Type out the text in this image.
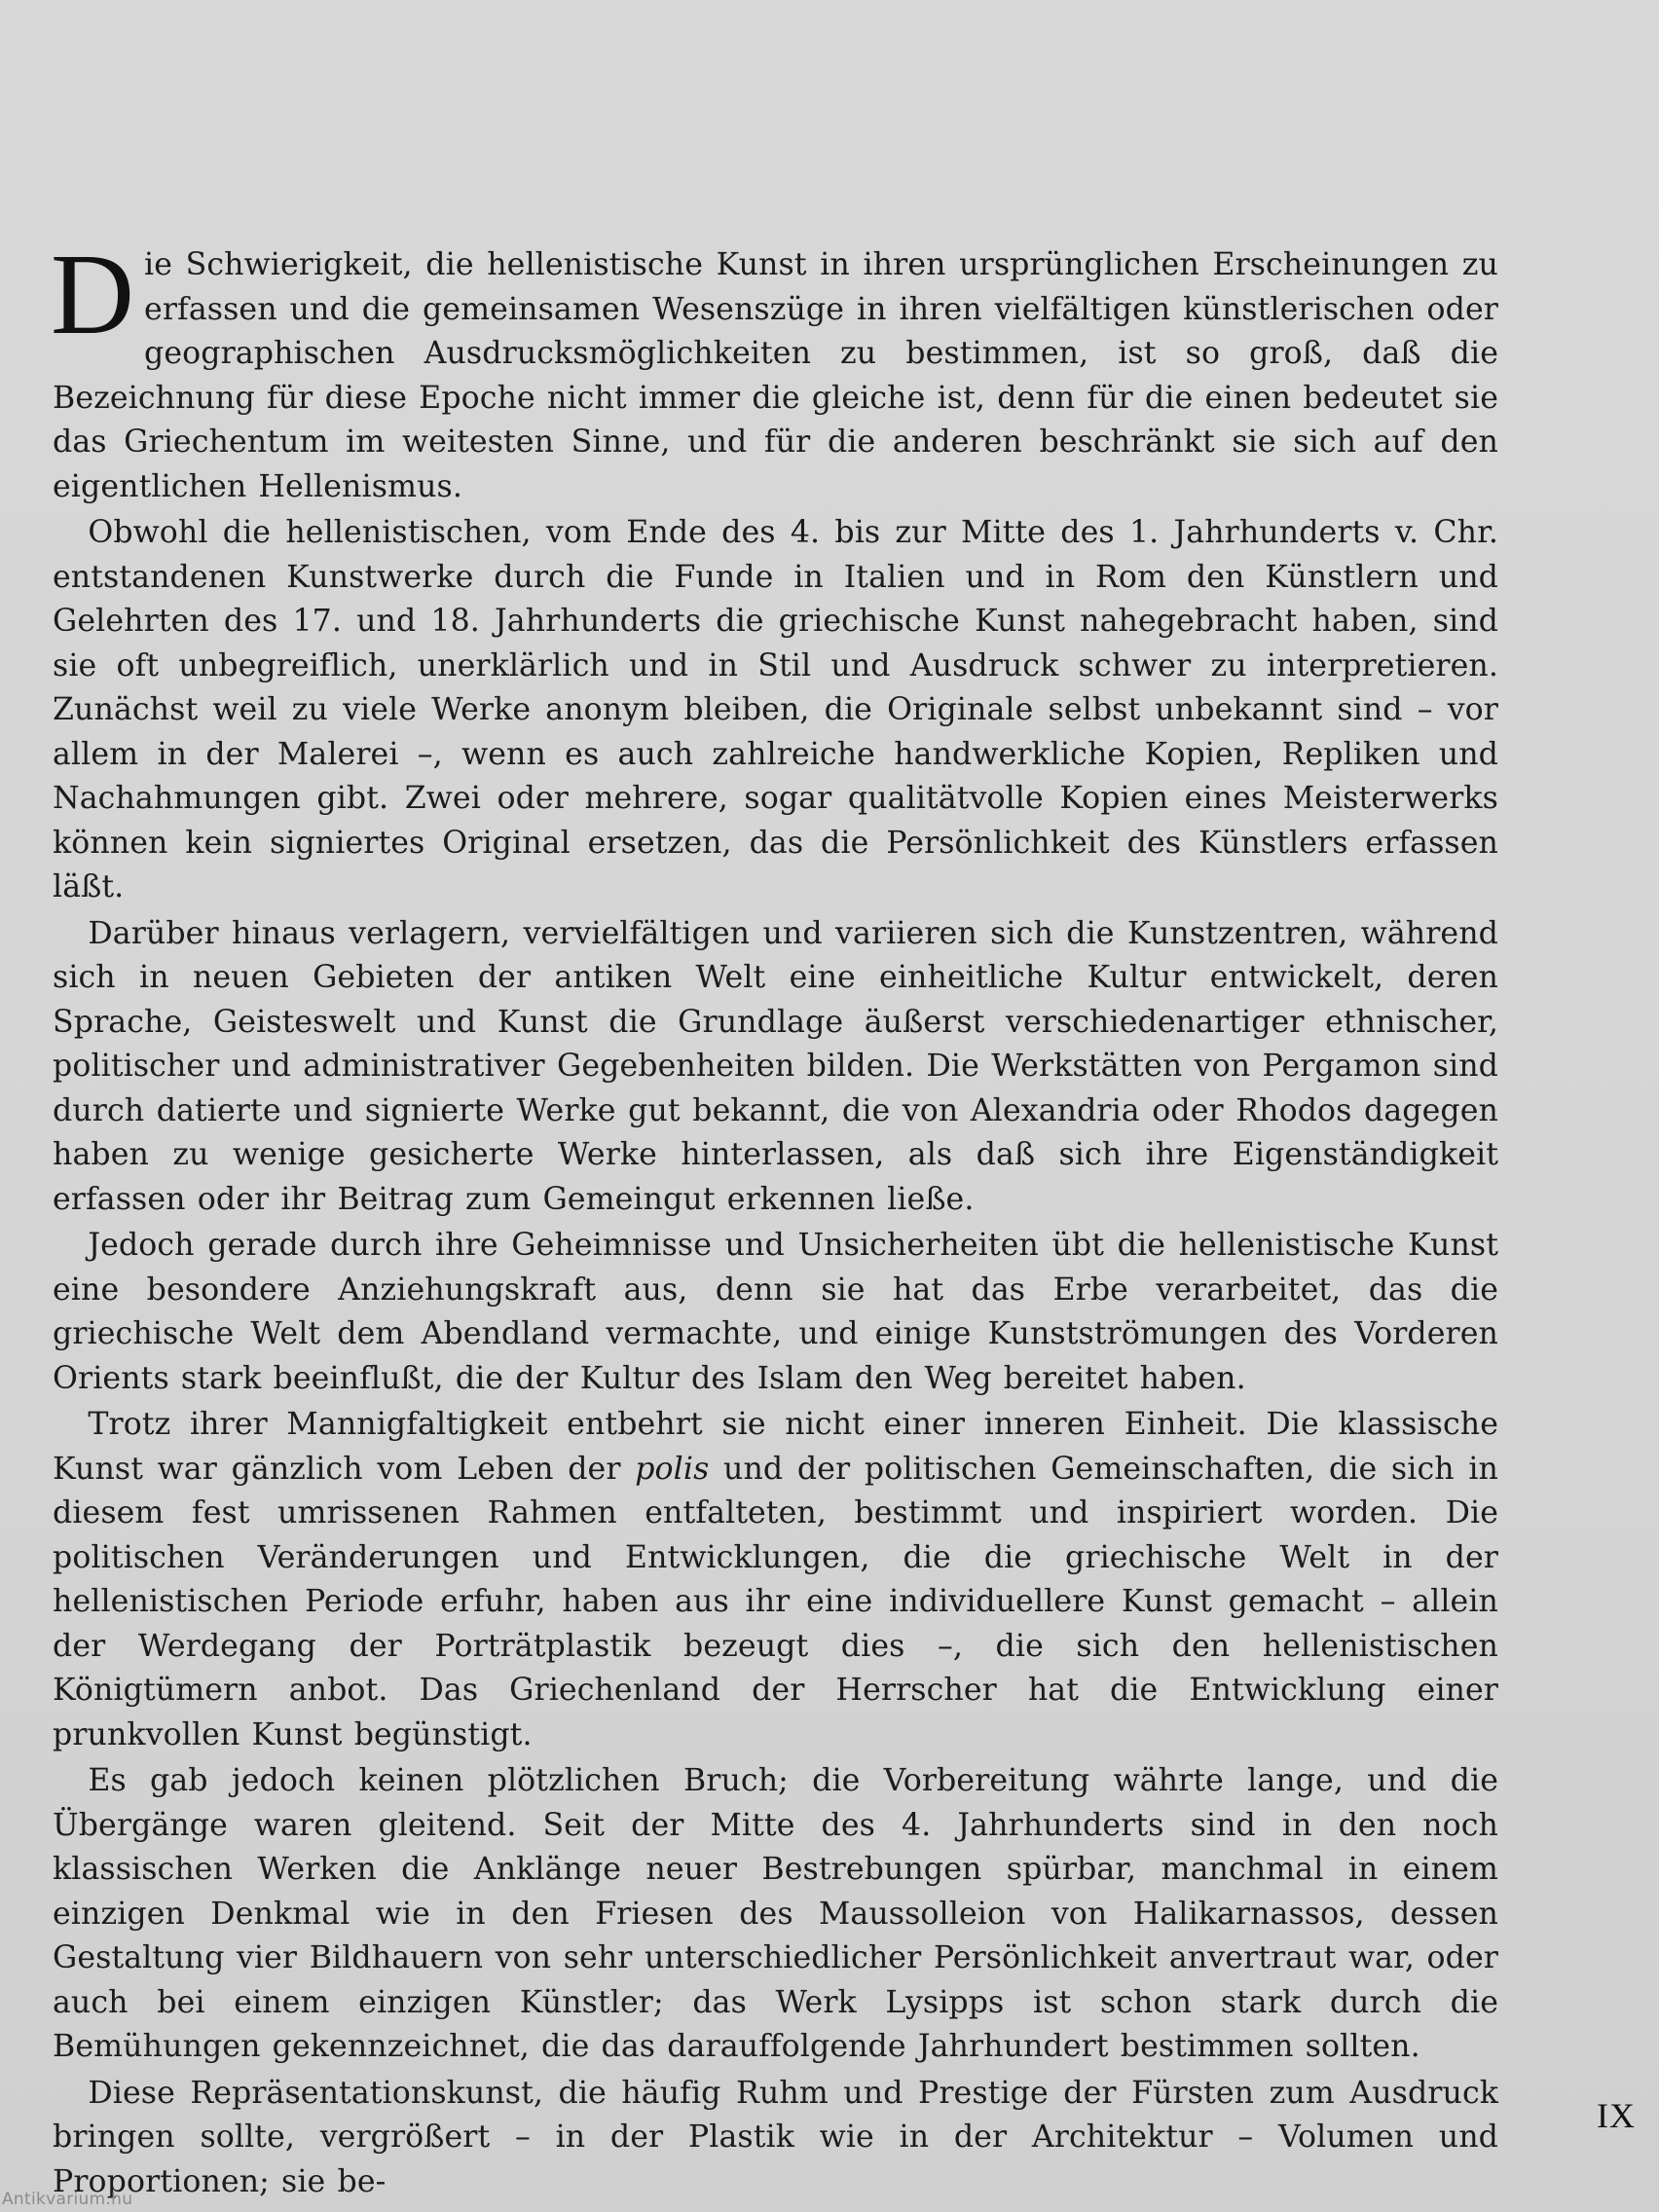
Die Schwierigkeit, die hellenistische Kunst in ihren ursprünglichen Erscheinungen zu erfassen und die gemeinsamen Wesenszüge in ihren vielfältigen künstlerischen oder geographischen Ausdrucksmöglichkeiten zu bestimmen, ist so groß, daß die Bezeichnung für diese Epoche nicht immer die gleiche ist, denn für die einen bedeutet sie das Griechentum im weitesten Sinne, und für die anderen beschränkt sie sich auf den eigentlichen Hellenismus.

Obwohl die hellenistischen, vom Ende des 4. bis zur Mitte des 1. Jahrhunderts v. Chr. entstandenen Kunstwerke durch die Funde in Italien und in Rom den Künstlern und Gelehrten des 17. und 18. Jahrhunderts die griechische Kunst nahegebracht haben, sind sie oft unbegreiflich, unerklärlich und in Stil und Ausdruck schwer zu interpretieren. Zunächst weil zu viele Werke anonym bleiben, die Originale selbst unbekannt sind – vor allem in der Malerei –, wenn es auch zahlreiche handwerkliche Kopien, Repliken und Nachahmungen gibt. Zwei oder mehrere, sogar qualitätvolle Kopien eines Meisterwerks können kein signiertes Original ersetzen, das die Persönlichkeit des Künstlers erfassen läßt.

Darüber hinaus verlagern, vervielfältigen und variieren sich die Kunstzentren, während sich in neuen Gebieten der antiken Welt eine einheitliche Kultur entwickelt, deren Sprache, Geisteswelt und Kunst die Grundlage äußerst verschiedenartiger ethnischer, politischer und administrativer Gegebenheiten bilden. Die Werkstätten von Pergamon sind durch datierte und signierte Werke gut bekannt, die von Alexandria oder Rhodos dagegen haben zu wenige gesicherte Werke hinterlassen, als daß sich ihre Eigenständigkeit erfassen oder ihr Beitrag zum Gemeingut erkennen ließe.

Jedoch gerade durch ihre Geheimnisse und Unsicherheiten übt die hellenistische Kunst eine besondere Anziehungskraft aus, denn sie hat das Erbe verarbeitet, das die griechische Welt dem Abendland vermachte, und einige Kunstströmungen des Vorderen Orients stark beeinflußt, die der Kultur des Islam den Weg bereitet haben.

Trotz ihrer Mannigfaltigkeit entbehrt sie nicht einer inneren Einheit. Die klassische Kunst war gänzlich vom Leben der polis und der politischen Gemeinschaften, die sich in diesem fest umrissenen Rahmen entfalteten, bestimmt und inspiriert worden. Die politischen Veränderungen und Entwicklungen, die die griechische Welt in der hellenistischen Periode erfuhr, haben aus ihr eine individuellere Kunst gemacht – allein der Werdegang der Porträtplastik bezeugt dies –, die sich den hellenistischen Königtümern anbot. Das Griechenland der Herrscher hat die Entwicklung einer prunkvollen Kunst begünstigt.

Es gab jedoch keinen plötzlichen Bruch; die Vorbereitung währte lange, und die Übergänge waren gleitend. Seit der Mitte des 4. Jahrhunderts sind in den noch klassischen Werken die Anklänge neuer Bestrebungen spürbar, manchmal in einem einzigen Denkmal wie in den Friesen des Maussolleion von Halikarnassos, dessen Gestaltung vier Bildhauern von sehr unterschiedlicher Persönlichkeit anvertraut war, oder auch bei einem einzigen Künstler; das Werk Lysipps ist schon stark durch die Bemühungen gekennzeichnet, die das darauffolgende Jahrhundert bestimmen sollten.

Diese Repräsentationskunst, die häufig Ruhm und Prestige der Fürsten zum Ausdruck bringen sollte, vergrößert – in der Plastik wie in der Architektur – Volumen und Proportionen; sie be-

IX
Antikvarium.hu
